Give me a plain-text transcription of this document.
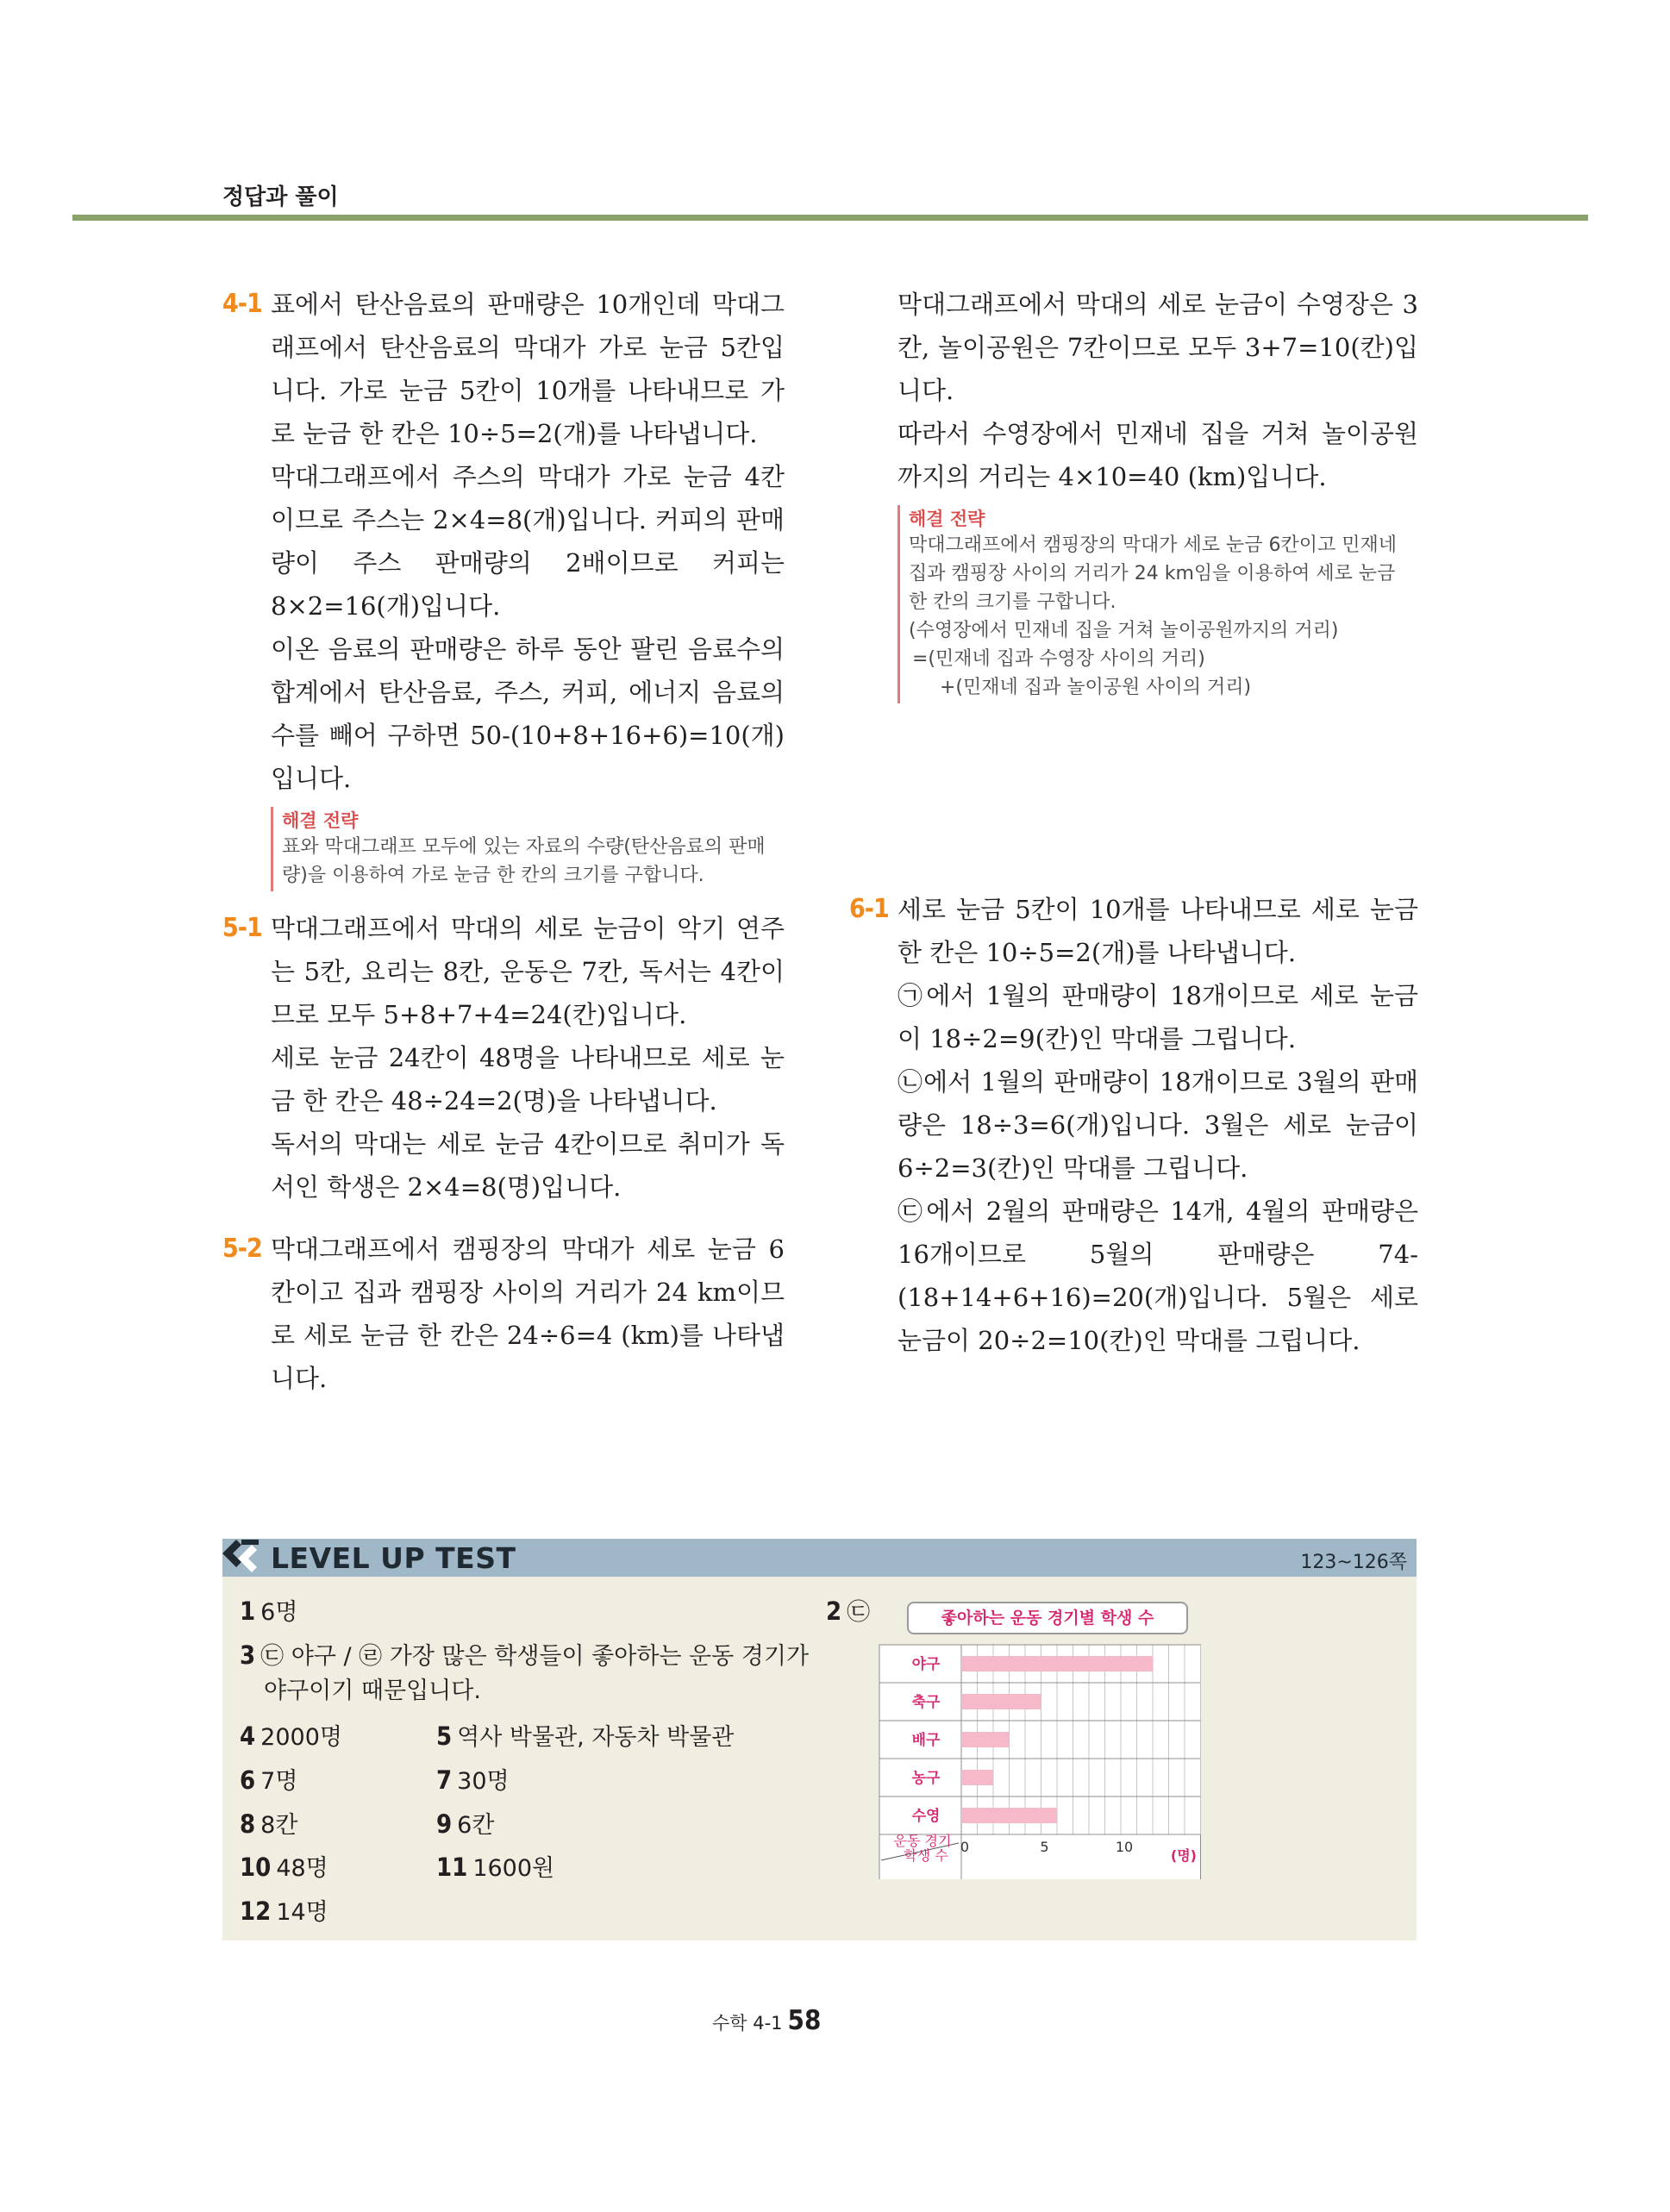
정답과 풀이
4-1 표에서 탄산음료의 판매량은 10개인데 막대그래프에서 탄산음료의 막대가 가로 눈금 5칸입니다. 가로 눈금 5칸이 10개를 나타내므로 가로 눈금 한 칸은 10÷5=2(개)를 나타냅니다.

막대그래프에서 주스의 막대가 가로 눈금 4칸이므로 주스는 2×4=8(개)입니다. 커피의 판매량이 주스 판매량의 2배이므로 커피는 8×2=16(개)입니다.

이온 음료의 판매량은 하루 동안 팔린 음료수의 합계에서 탄산음료, 주스, 커피, 에너지 음료의 수를 빼어 구하면 50-(10+8+16+6)=10(개)입니다.

해결 전략
표와 막대그래프 모두에 있는 자료의 수량(탄산음료의 판매량)을 이용하여 가로 눈금 한 칸의 크기를 구합니다.
5-1 막대그래프에서 막대의 세로 눈금이 악기 연주는 5칸, 요리는 8칸, 운동은 7칸, 독서는 4칸이므로 모두 5+8+7+4=24(칸)입니다.

세로 눈금 24칸이 48명을 나타내므로 세로 눈금 한 칸은 48÷24=2(명)을 나타냅니다.

독서의 막대는 세로 눈금 4칸이므로 취미가 독서인 학생은 2×4=8(명)입니다.

5-2 막대그래프에서 캠핑장의 막대가 세로 눈금 6칸이고 집과 캠핑장 사이의 거리가 24 km이므로 세로 눈금 한 칸은 24÷6=4 (km)를 나타냅니다.

막대그래프에서 막대의 세로 눈금이 수영장은 3칸, 놀이공원은 7칸이므로 모두 3+7=10(칸)입니다.

따라서 수영장에서 민재네 집을 거쳐 놀이공원까지의 거리는 4×10=40 (km)입니다.

해결 전략
막대그래프에서 캠핑장의 막대가 세로 눈금 6칸이고 민재네 집과 캠핑장 사이의 거리가 24 km임을 이용하여 세로 눈금 한 칸의 크기를 구합니다.
(수영장에서 민재네 집을 거쳐 놀이공원까지의 거리)
=(민재네 집과 수영장 사이의 거리)
+(민재네 집과 놀이공원 사이의 거리)
6-1 세로 눈금 5칸이 10개를 나타내므로 세로 눈금 한 칸은 10÷5=2(개)를 나타냅니다.

㉠에서 1월의 판매량이 18개이므로 세로 눈금이 18÷2=9(칸)인 막대를 그립니다.

㉡에서 1월의 판매량이 18개이므로 3월의 판매량은 18÷3=6(개)입니다. 3월은 세로 눈금이 6÷2=3(칸)인 막대를 그립니다.

㉢에서 2월의 판매량은 14개, 4월의 판매량은 16개이므로 5월의 판매량은 74-(18+14+6+16)=20(개)입니다. 5월은 세로 눈금이 20÷2=10(칸)인 막대를 그립니다.

LEVEL UP TEST	123~126쪽
1 6명
3 ㉢ 야구 / ㉣ 가장 많은 학생들이 좋아하는 운동 경기가
야구이기 때문입니다.
4 2000명	5 역사 박물관, 자동차 박물관
6 7명	7 30명
8 8칸	9 6칸
10 48명	11 1600원
12 14명
2 ㉢	좋아하는 운동 경기별 학생 수
야구
축구
배구
농구
수영
0	5	10
운동 경기
학생 수	(명)
수학 4-1 58
